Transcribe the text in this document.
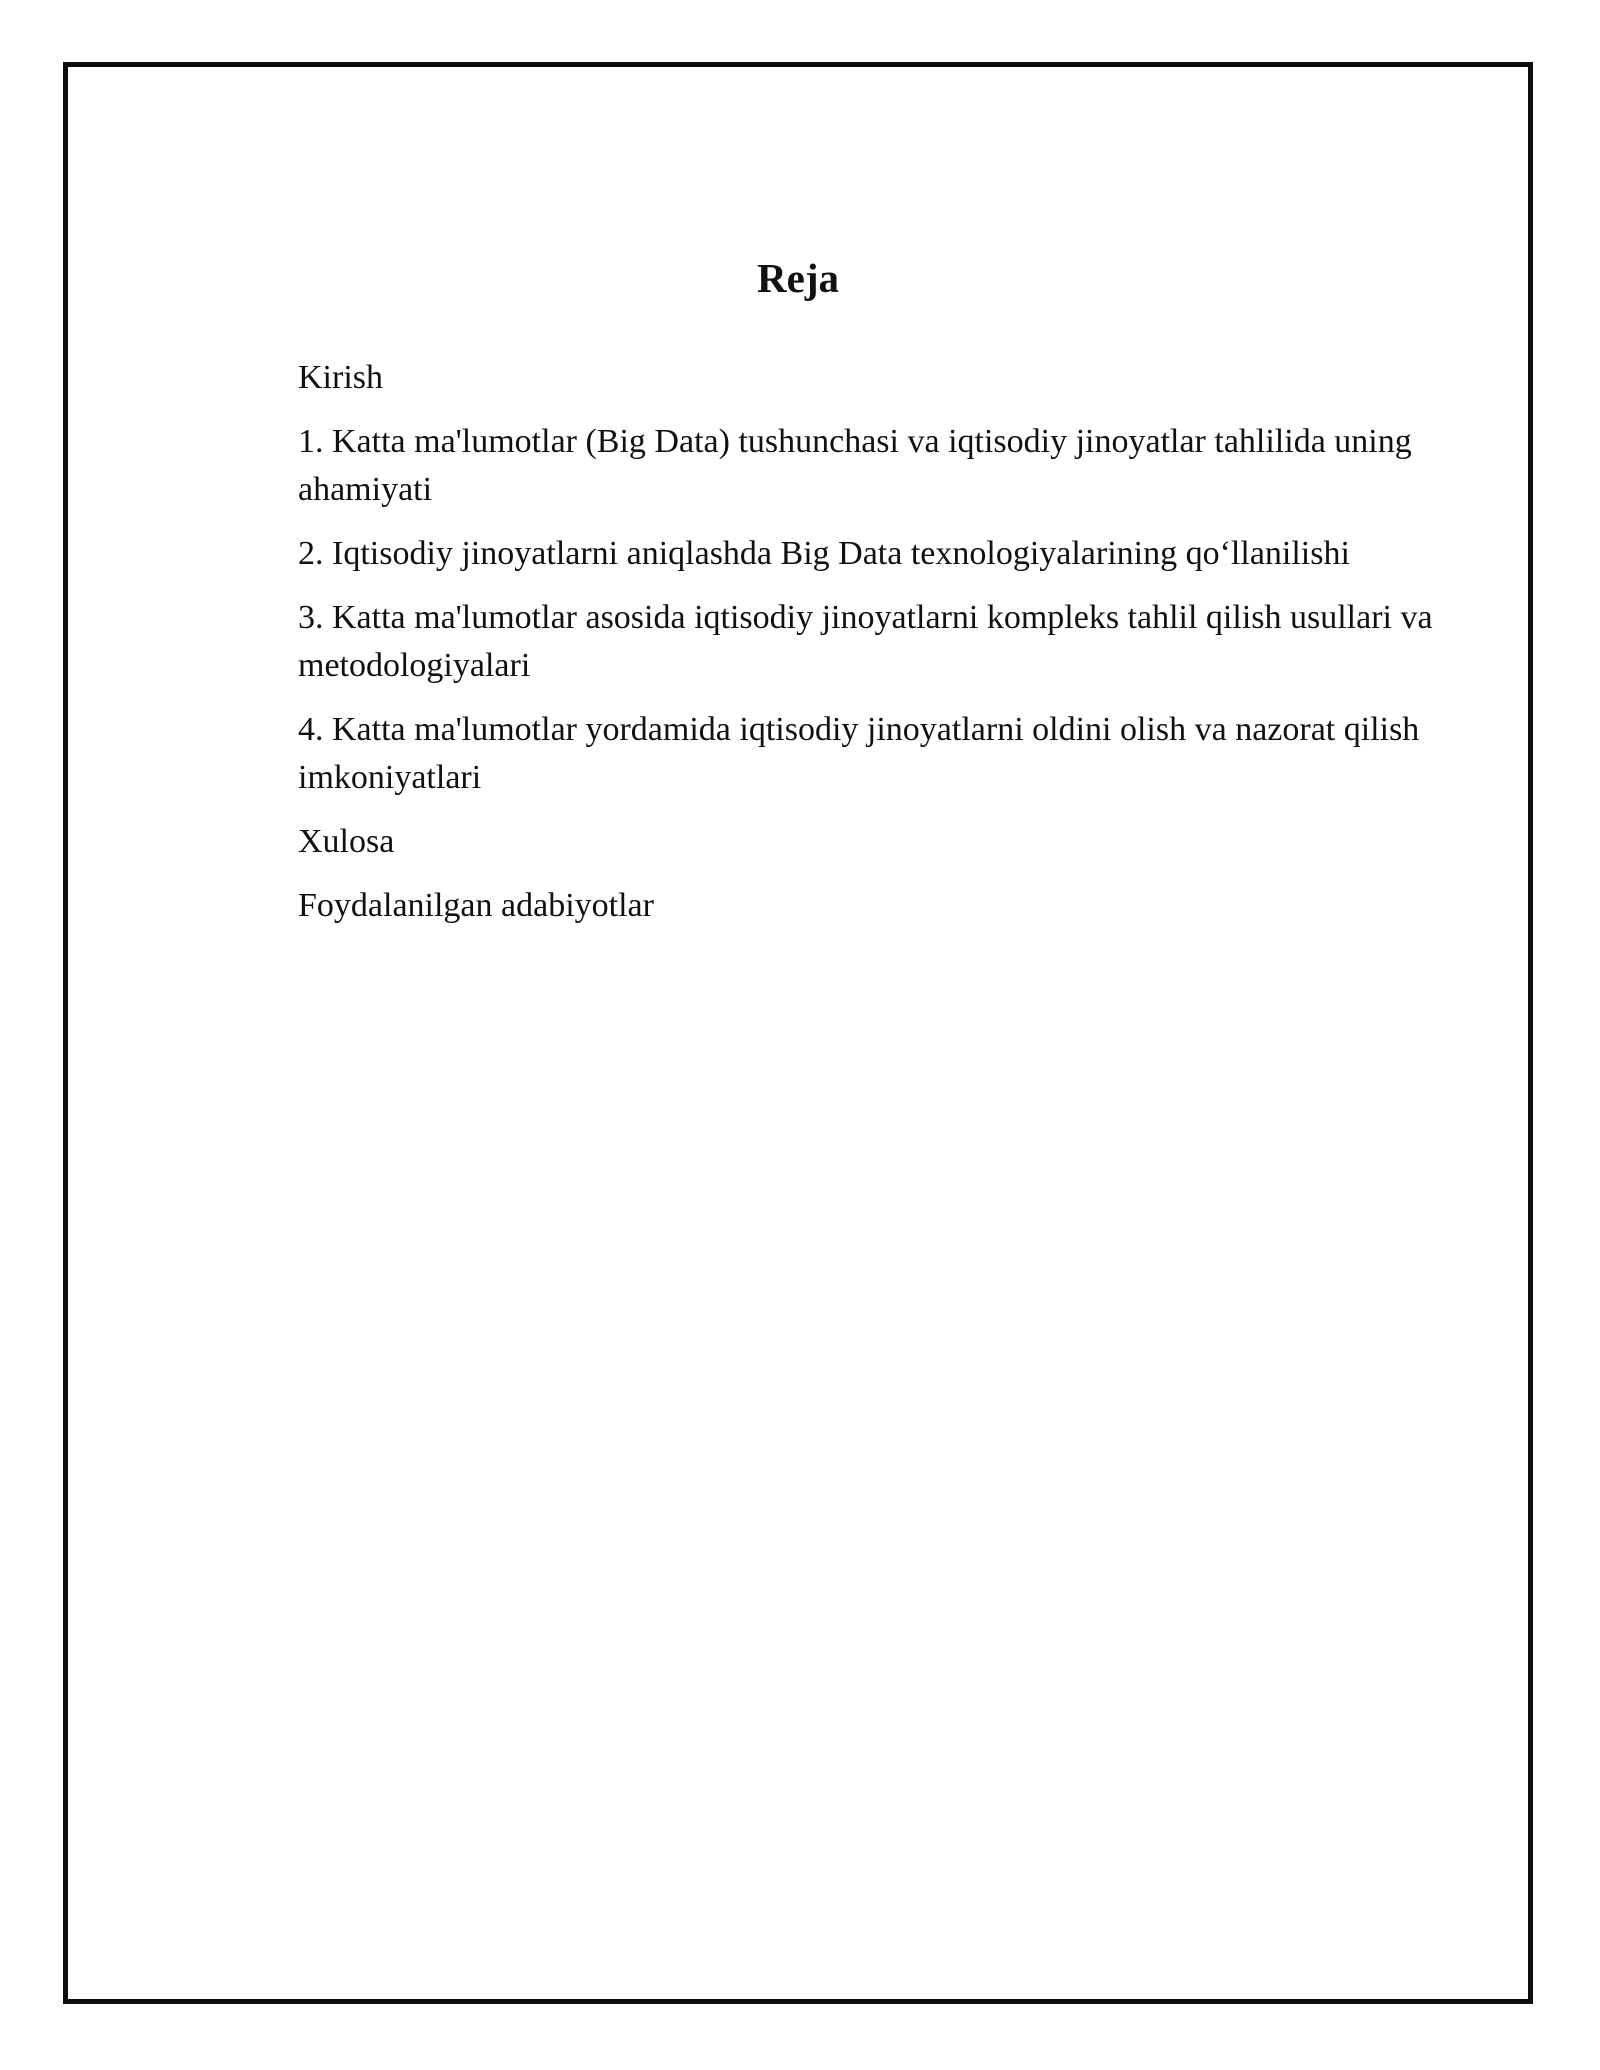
Reja
Kirish
1. Katta ma'lumotlar (Big Data) tushunchasi va iqtisodiy jinoyatlar tahlilida uning ahamiyati
2. Iqtisodiy jinoyatlarni aniqlashda Big Data texnologiyalarining qo‘llanilishi
3. Katta ma'lumotlar asosida iqtisodiy jinoyatlarni kompleks tahlil qilish usullari va metodologiyalari
4. Katta ma'lumotlar yordamida iqtisodiy jinoyatlarni oldini olish va nazorat qilish imkoniyatlari
Xulosa
Foydalanilgan adabiyotlar
